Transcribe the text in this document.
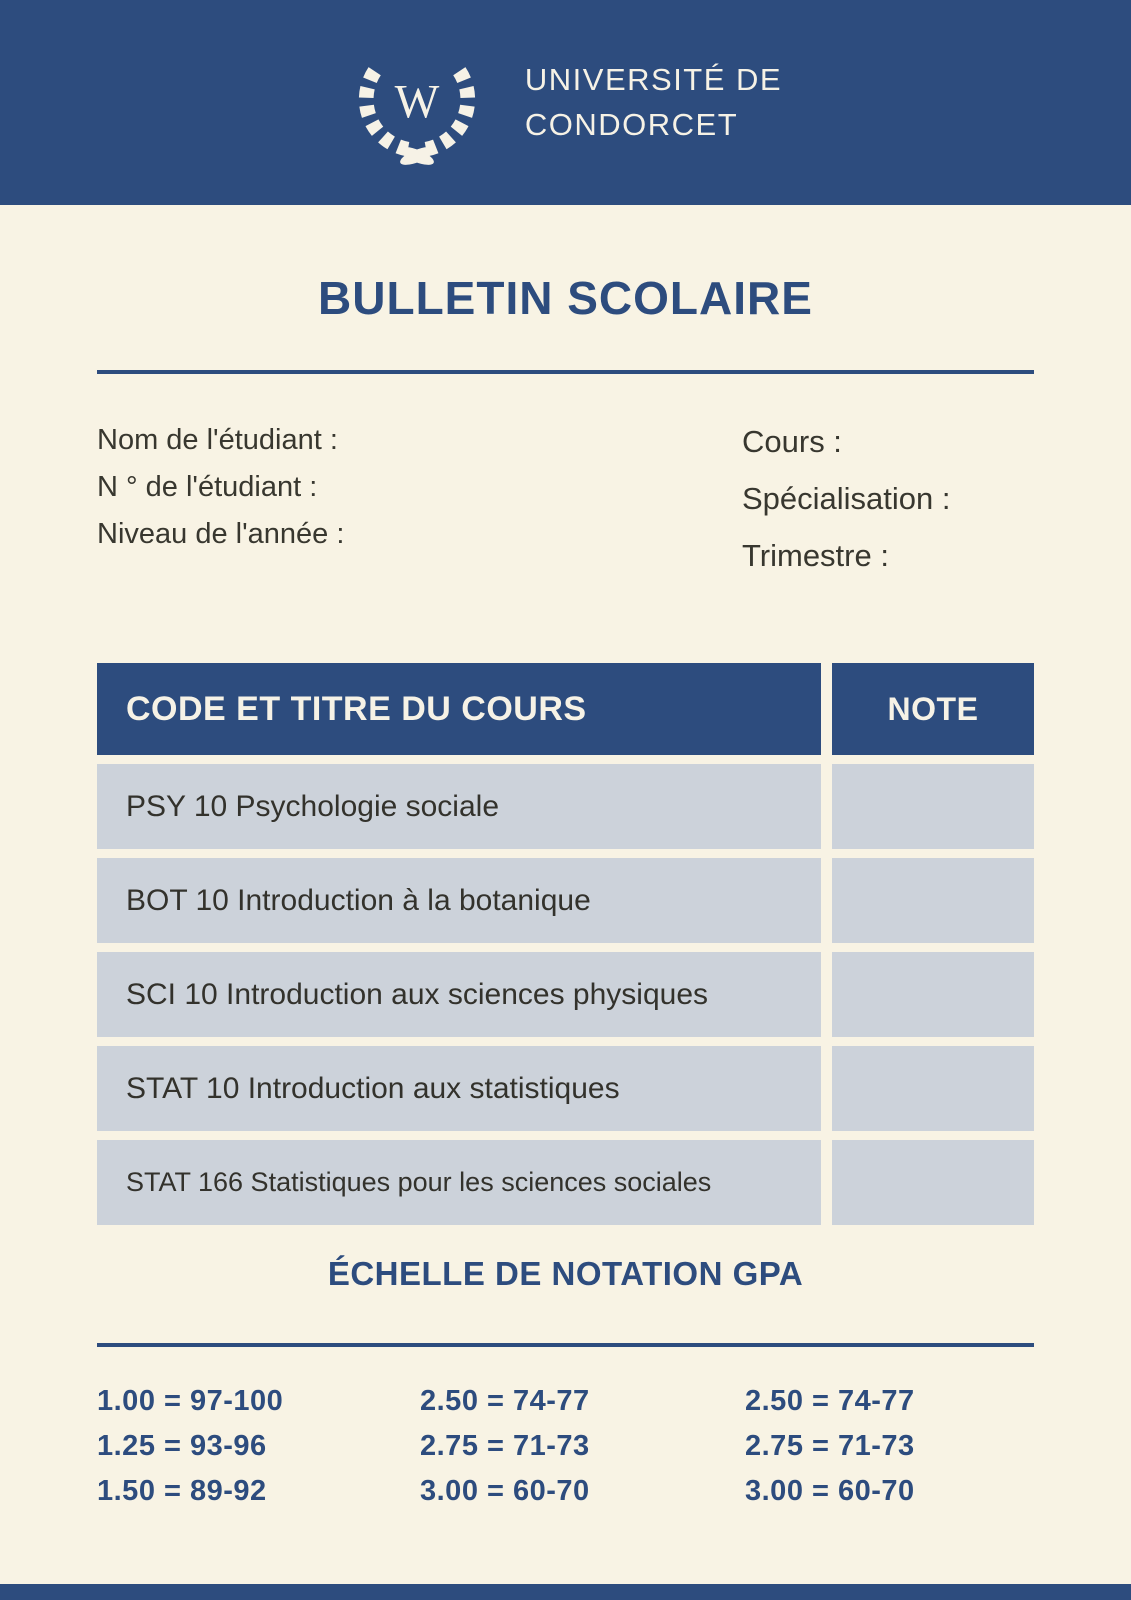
W	UNIVERSITÉ DE
CONDORCET
BULLETIN SCOLAIRE
Nom de l'étudiant :
N ° de l'étudiant :
Niveau de l'année :
Cours :
Spécialisation :
Trimestre :
CODE ET TITRE DU COURS	NOTE
PSY 10 Psychologie sociale
BOT 10 Introduction à la botanique
SCI 10 Introduction aux sciences physiques
STAT 10 Introduction aux statistiques
STAT 166 Statistiques pour les sciences sociales
ÉCHELLE DE NOTATION GPA
1.00 = 97-100
1.25 = 93-96
1.50 = 89-92
2.50 = 74-77
2.75 = 71-73
3.00 = 60-70
2.50 = 74-77
2.75 = 71-73
3.00 = 60-70
